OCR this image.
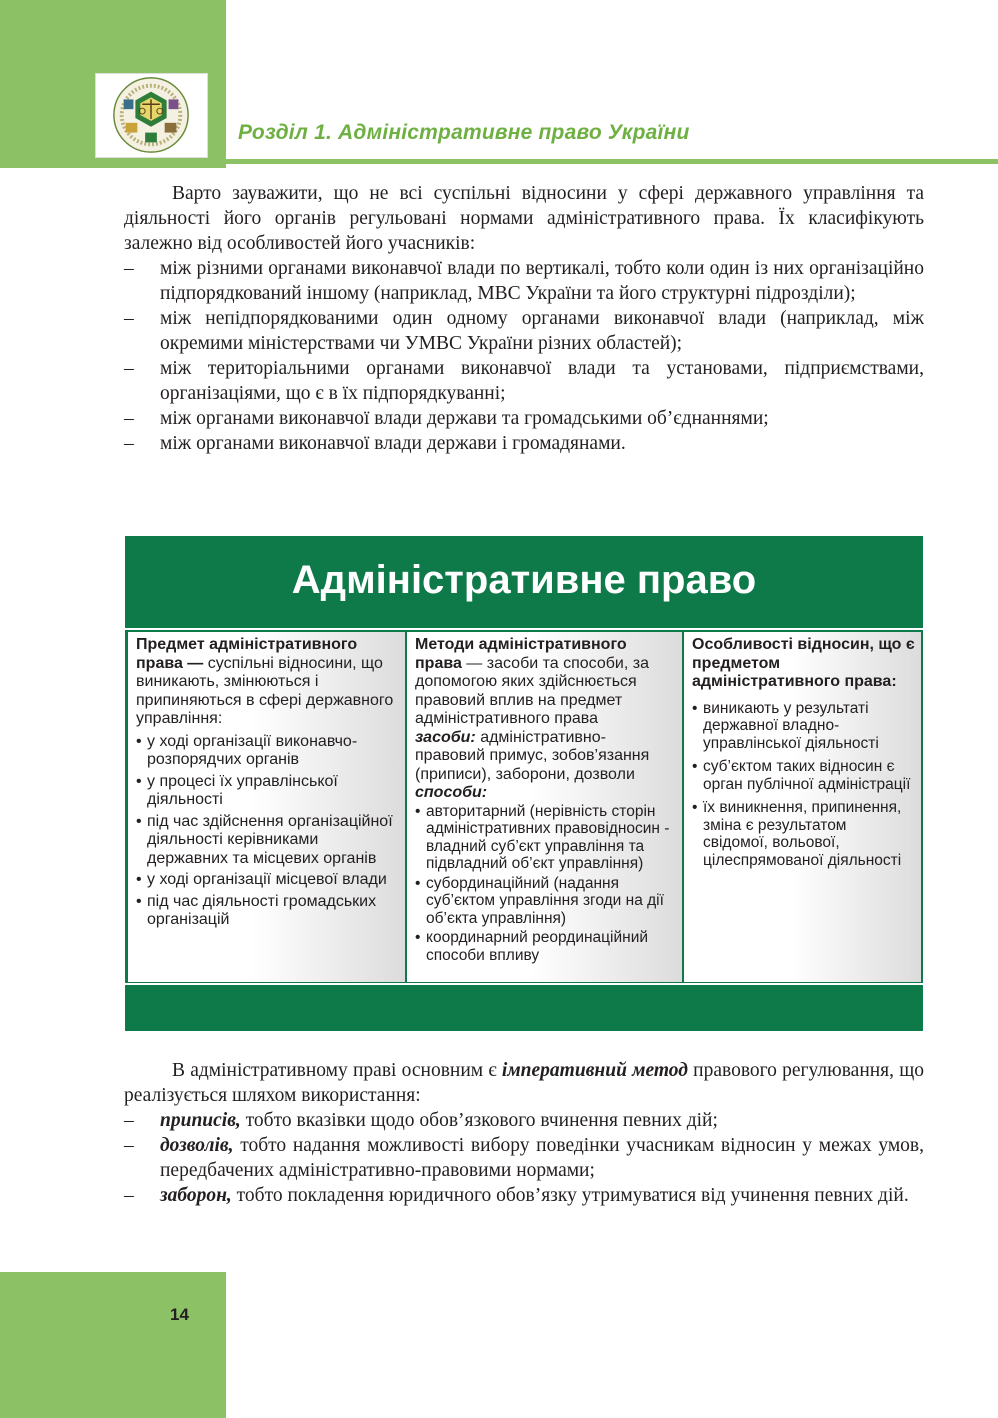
Розділ 1. Адміністративне право України

Варто зауважити, що не всі суспільні відносини у сфері державного управління та діяльності його органів регульовані нормами адміністративного права. Їх класифікують залежно від особливостей його учасників:

– між різними органами виконавчої влади по вертикалі, тобто коли один із них організаційно підпорядкований іншому (наприклад, МВС України та його структурні підрозділи);
– між непідпорядкованими один одному органами виконавчої влади (наприклад, між окремими міністерствами чи УМВС України різних областей);
– між територіальними органами виконавчої влади та установами, підприємствами, організаціями, що є в їх підпорядкуванні;
– між органами виконавчої влади держави та громадськими об’єднаннями;
– між органами виконавчої влади держави і громадянами.
Адміністративне право
Предмет адміністративного права — суспільні відносини, що виникають, змінюються і припиняються в сфері державного управління:
• у ході організації виконавчо-розпорядчих органів
• у процесі їх управлінської діяльності
• під час здійснення організаційної діяльності керівниками державних та місцевих органів
• у ході організації місцевої влади
• під час діяльності громадських організацій
Методи адміністративного права — засоби та способи, за допомогою яких здійснюється правовий вплив на предмет адміністративного права
засоби: адміністративно-правовий примус, зобов’язання (приписи), заборони, дозволи
способи:
• авторитарний (нерівність сторін адміністративних правовідносин - владний суб’єкт управління та підвладний об’єкт управління)
• субординаційний (надання суб’єктом управління згоди на дії об’єкта управління)
• координарний реординаційний способи впливу
Особливості відносин, що є предметом адміністративного права:
• виникають у результаті державної владно-управлінської діяльності
• суб’єктом таких відносин є орган публічної адміністрації
• їх виникнення, припинення, зміна є результатом свідомої, вольової, цілеспрямованої діяльності

В адміністративному праві основним є імперативний метод правового регулювання, що реалізується шляхом використання:

– приписів, тобто вказівки щодо обов’язкового вчинення певних дій;
– дозволів, тобто надання можливості вибору поведінки учасникам відносин у межах умов, передбачених адміністративно-правовими нормами;
– заборон, тобто покладення юридичного обов’язку утримуватися від учинення певних дій.
14
